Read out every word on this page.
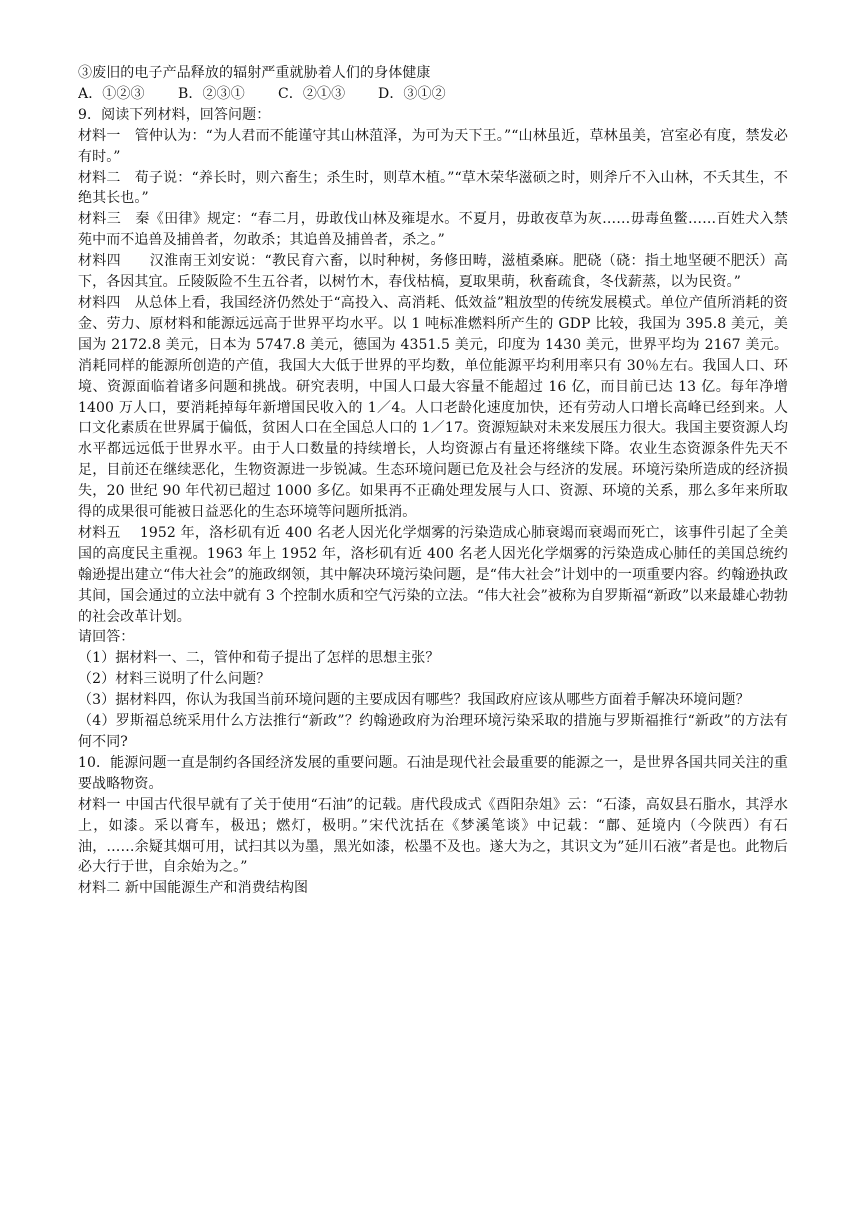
③废旧的电子产品释放的辐射严重就胁着人们的身体健康
A．①②③	B．②③①	C．②①③	D．③①②
9．阅读下列材料，回答问题：
材料一　管仲认为：“为人君而不能谨守其山林菹泽，为可为天下王。”“山林虽近，草林虽美，宫室必有度，禁发必有时。”
材料二　荀子说：“养长时，则六畜生；杀生时，则草木植。”“草木荣华滋硕之时，则斧斤不入山林，不夭其生，不绝其长也。”
材料三　秦《田律》规定：“春二月，毋敢伐山林及雍堤水。不夏月，毋敢夜草为灰……毋毒鱼鳖……百姓犬入禁苑中而不追兽及捕兽者，勿敢杀；其追兽及捕兽者，杀之。”
材料四　　汉淮南王刘安说：“教民育六畜，以时种树，务修田畴，滋植桑麻。肥硗（硗：指土地坚硬不肥沃）高下，各因其宜。丘陵阪险不生五谷者，以树竹木，春伐枯槁，夏取果萌，秋畜疏食，冬伐薪蒸，以为民资。”
材料四　从总体上看，我国经济仍然处于“高投入、高消耗、低效益”粗放型的传统发展模式。单位产值所消耗的资金、劳力、原材料和能源远远高于世界平均水平。以 1 吨标准燃料所产生的 GDP 比较，我国为 395.8 美元，美国为 2172.8 美元，日本为 5747.8 美元，德国为 4351.5 美元，印度为 1430 美元，世界平均为 2167 美元。消耗同样的能源所创造的产值，我国大大低于世界的平均数，单位能源平均利用率只有 30％左右。我国人口、环境、资源面临着诸多问题和挑战。研究表明，中国人口最大容量不能超过 16 亿，而目前已达 13 亿。每年净增 1400 万人口，要消耗掉每年新增国民收入的 1／4。人口老龄化速度加快，还有劳动人口增长高峰已经到来。人口文化素质在世界属于偏低，贫困人口在全国总人口的 1／17。资源短缺对未来发展压力很大。我国主要资源人均水平都远远低于世界水平。由于人口数量的持续增长，人均资源占有量还将继续下降。农业生态资源条件先天不足，目前还在继续恶化，生物资源进一步锐减。生态环境问题已危及社会与经济的发展。环境污染所造成的经济损失，20 世纪 90 年代初已超过 1000 多亿。如果再不正确处理发展与人口、资源、环境的关系，那么多年来所取得的成果很可能被日益恶化的生态环境等问题所抵消。
材料五　 1952 年，洛杉矶有近 400 名老人因光化学烟雾的污染造成心肺衰竭而衰竭而死亡，该事件引起了全美国的高度民主重视。1963 年上 1952 年，洛杉矶有近 400 名老人因光化学烟雾的污染造成心肺任的美国总统约翰逊提出建立“伟大社会”的施政纲领，其中解决环境污染问题，是“伟大社会”计划中的一项重要内容。约翰逊执政其间，国会通过的立法中就有 3 个控制水质和空气污染的立法。“伟大社会”被称为自罗斯福“新政”以来最雄心勃勃的社会改革计划。
请回答：
（1）据材料一、二，管仲和荀子提出了怎样的思想主张？
（2）材料三说明了什么问题？
（3）据材料四，你认为我国当前环境问题的主要成因有哪些？我国政府应该从哪些方面着手解决环境问题？
（4）罗斯福总统采用什么方法推行“新政”？约翰逊政府为治理环境污染采取的措施与罗斯福推行“新政”的方法有何不同?
10．能源问题一直是制约各国经济发展的重要问题。石油是现代社会最重要的能源之一，是世界各国共同关注的重要战略物资。
材料一 中国古代很早就有了关于使用“石油”的记载。唐代段成式《酉阳杂俎》云：“石漆，高奴县石脂水，其浮水上，如漆。采以膏车，极迅；燃灯，极明。”宋代沈括在《梦溪笔谈》中记载：“鄜、延境内（今陕西）有石油，……余疑其烟可用，试扫其以为墨，黑光如漆，松墨不及也。遂大为之，其识文为”延川石液”者是也。此物后必大行于世，自余始为之。”
材料二 新中国能源生产和消费结构图
